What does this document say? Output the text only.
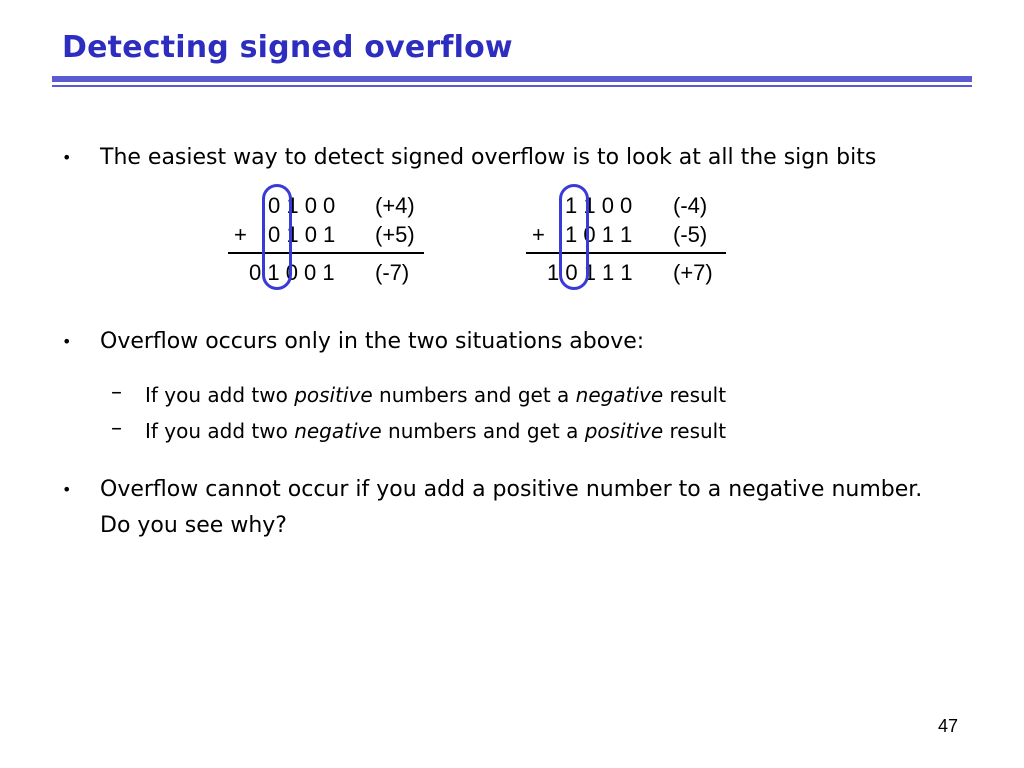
Detecting signed overflow
• The easiest way to detect signed overflow is to look at all the sign bits
0 1 0 0 (+4)
+ 0 1 0 1 (+5)
0 1 0 0 1 (-7)
1 1 0 0 (-4)
+ 1 0 1 1 (-5)
1 0 1 1 1 (+7)
• Overflow occurs only in the two situations above:
– If you add two positive numbers and get a negative result
– If you add two negative numbers and get a positive result
• Overflow cannot occur if you add a positive number to a negative number.
Do you see why?
47
